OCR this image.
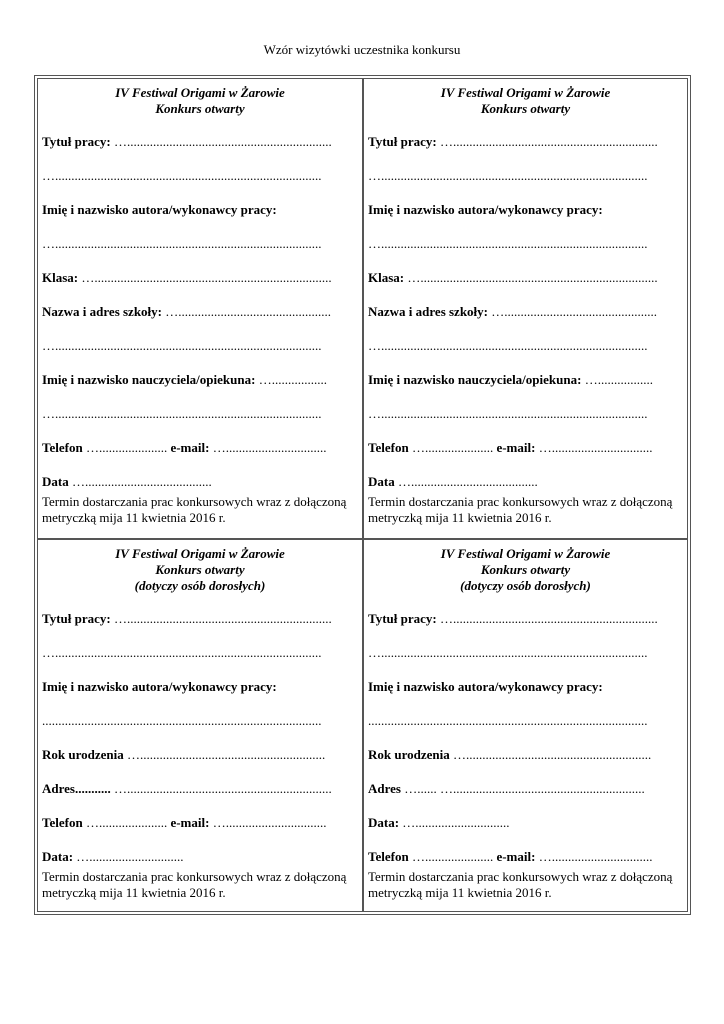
Wzór wizytówki uczestnika konkursu
IV Festiwal Origami w Żarowie
Konkurs otwarty
Tytuł pracy: …...............................................................
…..................................................................................
Imię i nazwisko autora/wykonawcy pracy:
…..................................................................................
Klasa: ….........................................................................
Nazwa i adres szkoły: …...............................................
…..................................................................................
Imię i nazwisko nauczyciela/opiekuna: ….................
…..................................................................................
Telefon …..................... e-mail: …...............................
Data ….......................................
Termin dostarczania prac konkursowych wraz z dołączoną metryczką mija 11 kwietnia 2016 r.
IV Festiwal Origami w Żarowie
Konkurs otwarty
Tytuł pracy: …...............................................................
…..................................................................................
Imię i nazwisko autora/wykonawcy pracy:
…..................................................................................
Klasa: ….........................................................................
Nazwa i adres szkoły: …...............................................
…..................................................................................
Imię i nazwisko nauczyciela/opiekuna: ….................
…..................................................................................
Telefon …..................... e-mail: …...............................
Data ….......................................
Termin dostarczania prac konkursowych wraz z dołączoną metryczką mija 11 kwietnia 2016 r.
IV Festiwal Origami w Żarowie
Konkurs otwarty
(dotyczy osób dorosłych)
Tytuł pracy: …...............................................................
…..................................................................................
Imię i nazwisko autora/wykonawcy pracy:
......................................................................................
Rok urodzenia ….........................................................
Adres........... …...............................................................
Telefon …..................... e-mail: …...............................
Data: ….............................
Termin dostarczania prac konkursowych wraz z dołączoną metryczką mija 11 kwietnia 2016 r.
IV Festiwal Origami w Żarowie
Konkurs otwarty
(dotyczy osób dorosłych)
Tytuł pracy: …...............................................................
…..................................................................................
Imię i nazwisko autora/wykonawcy pracy:
......................................................................................
Rok urodzenia ….........................................................
Adres …...... …...........................................................
Data: ….............................
Telefon …..................... e-mail: …...............................
Termin dostarczania prac konkursowych wraz z dołączoną metryczką mija 11 kwietnia 2016 r.
